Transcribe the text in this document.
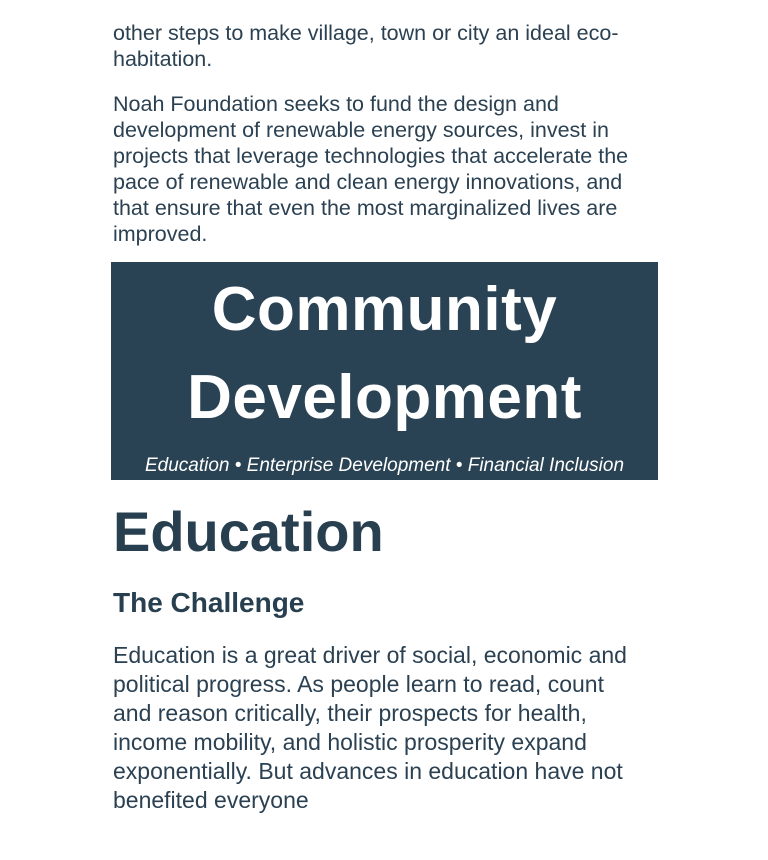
other steps to make village, town or city an ideal eco-habitation.

Noah Foundation seeks to fund the design and development of renewable energy sources, invest in projects that leverage technologies that accelerate the pace of renewable and clean energy innovations, and that ensure that even the most marginalized lives are improved.

Community Development
Education • Enterprise Development • Financial Inclusion
Education
The Challenge

Education is a great driver of social, economic and political progress. As people learn to read, count and reason critically, their prospects for health, income mobility, and holistic prosperity expand exponentially. But advances in education have not benefited everyone
